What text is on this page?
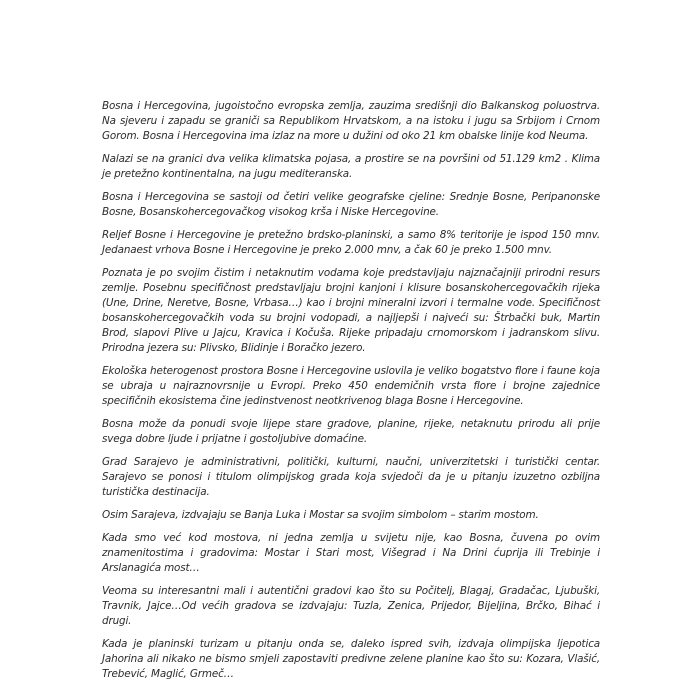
Bosna i Hercegovina, jugoistočno evropska zemlja, zauzima središnji dio Balkanskog poluostrva. Na sjeveru i zapadu se graniči sa Republikom Hrvatskom, a na istoku i jugu sa Srbijom i Crnom Gorom. Bosna i Hercegovina ima izlaz na more u dužini od oko 21 km obalske linije kod Neuma.

Nalazi se na granici dva velika klimatska pojasa, a prostire se na površini od 51.129 km2 . Klima je pretežno kontinentalna, na jugu mediteranska.

Bosna i Hercegovina se sastoji od četiri velike geografske cjeline: Srednje Bosne, Peripanonske Bosne, Bosanskohercegovačkog visokog krša i Niske Hercegovine.

Reljef Bosne i Hercegovine je pretežno brdsko-planinski, a samo 8% teritorije je ispod 150 mnv. Jedanaest vrhova Bosne i Hercegovine je preko 2.000 mnv, a čak 60 je preko 1.500 mnv.

Poznata je po svojim čistim i netaknutim vodama koje predstavljaju najznačajniji prirodni resurs zemlje. Posebnu specifičnost predstavljaju brojni kanjoni i klisure bosanskohercegovačkih rijeka (Une, Drine, Neretve, Bosne, Vrbasa…) kao i brojni mineralni izvori i termalne vode. Specifičnost bosanskohercegovačkih voda su brojni vodopadi, a najljepši i najveći su: Štrbački buk, Martin Brod, slapovi Plive u Jajcu, Kravica i Kočuša. Rijeke pripadaju crnomorskom i jadranskom slivu. Prirodna jezera su: Plivsko, Blidinje i Boračko jezero.

Ekološka heterogenost prostora Bosne i Hercegovine uslovila je veliko bogatstvo flore i faune koja se ubraja u najraznovrsnije u Evropi. Preko 450 endemičnih vrsta flore i brojne zajednice specifičnih ekosistema čine jedinstvenost neotkrivenog blaga Bosne i Hercegovine.

Bosna može da ponudi svoje lijepe stare gradove, planine, rijeke, netaknutu prirodu ali prije svega dobre ljude i prijatne i gostoljubive domaćine.

Grad Sarajevo je administrativni, politički, kulturni, naučni, univerzitetski i turistički centar. Sarajevo se ponosi i titulom olimpijskog grada koja svjedoči da je u pitanju izuzetno ozbiljna turistička destinacija.

Osim Sarajeva, izdvajaju se Banja Luka i Mostar sa svojim simbolom – starim mostom.

Kada smo već kod mostova, ni jedna zemlja u svijetu nije, kao Bosna, čuvena po ovim znamenitostima i gradovima: Mostar i Stari most, Višegrad i Na Drini ćuprija ili Trebinje i Arslanagića most…

Veoma su interesantni mali i autentični gradovi kao što su Počitelj, Blagaj, Gradačac, Ljubuški, Travnik, Jajce…Od većih gradova se izdvajaju: Tuzla, Zenica, Prijedor, Bijeljina, Brčko, Bihać i drugi.

Kada je planinski turizam u pitanju onda se, daleko ispred svih, izdvaja olimpijska ljepotica Jahorina ali nikako ne bismo smjeli zapostaviti predivne zelene planine kao što su: Kozara, Vlašić, Trebević, Maglić, Grmeč…
